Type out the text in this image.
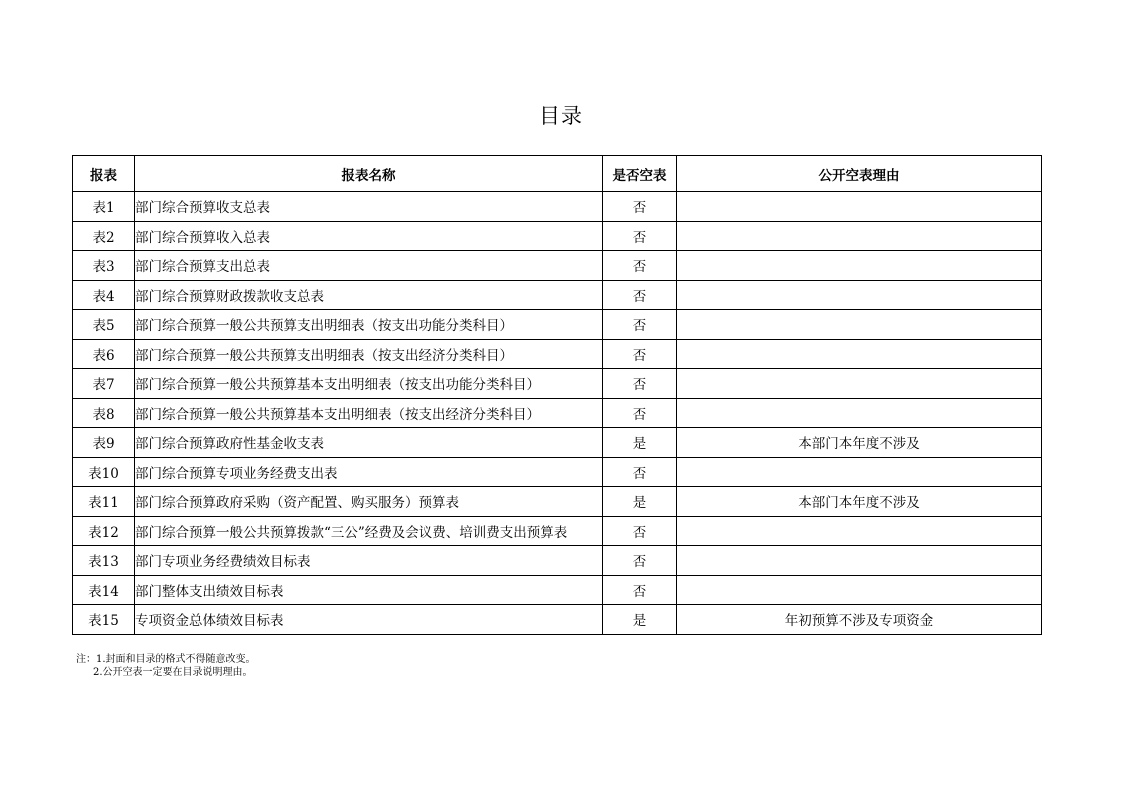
目录
报表	报表名称	是否空表	公开空表理由
表1	部门综合预算收支总表	否	
表2	部门综合预算收入总表	否	
表3	部门综合预算支出总表	否	
表4	部门综合预算财政拨款收支总表	否	
表5	部门综合预算一般公共预算支出明细表（按支出功能分类科目）	否	
表6	部门综合预算一般公共预算支出明细表（按支出经济分类科目）	否	
表7	部门综合预算一般公共预算基本支出明细表（按支出功能分类科目）	否	
表8	部门综合预算一般公共预算基本支出明细表（按支出经济分类科目）	否	
表9	部门综合预算政府性基金收支表	是	本部门本年度不涉及
表10	部门综合预算专项业务经费支出表	否	
表11	部门综合预算政府采购（资产配置、购买服务）预算表	是	本部门本年度不涉及
表12	部门综合预算一般公共预算拨款“三公”经费及会议费、培训费支出预算表	否	
表13	部门专项业务经费绩效目标表	否	
表14	部门整体支出绩效目标表	否	
表15	专项资金总体绩效目标表	是	年初预算不涉及专项资金
注：1.封面和目录的格式不得随意改变。
2.公开空表一定要在目录说明理由。
